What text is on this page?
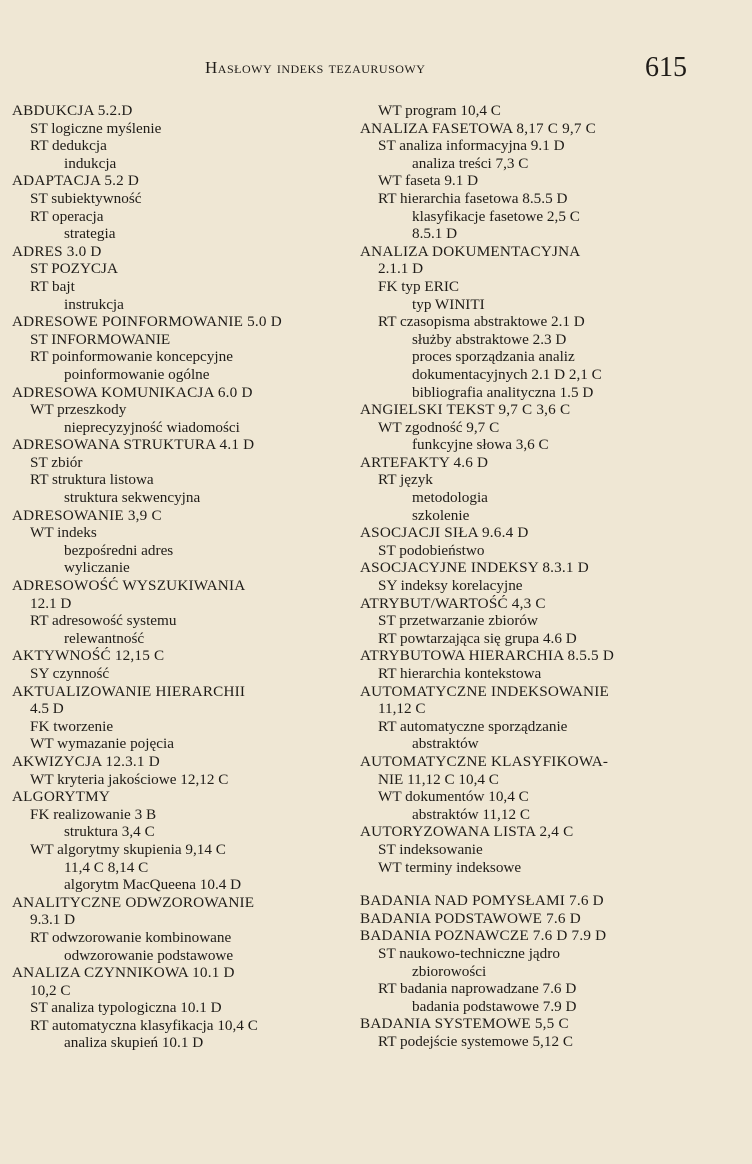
Hasłowy indeks tezaurusowy	615
ABDUKCJA 5.2.D
ST logiczne myślenie
RT dedukcja
indukcja
ADAPTACJA 5.2 D
ST subiektywność
RT operacja
strategia
ADRES 3.0 D
ST POZYCJA
RT bajt
instrukcja
ADRESOWE POINFORMOWANIE 5.0 D
ST INFORMOWANIE
RT poinformowanie koncepcyjne
poinformowanie ogólne
ADRESOWA KOMUNIKACJA 6.0 D
WT przeszkody
nieprecyzyjność wiadomości
ADRESOWANA STRUKTURA 4.1 D
ST zbiór
RT struktura listowa
struktura sekwencyjna
ADRESOWANIE 3,9 C
WT indeks
bezpośredni adres
wyliczanie
ADRESOWOŚĆ WYSZUKIWANIA
12.1 D
RT adresowość systemu
relewantność
AKTYWNOŚĆ 12,15 C
SY czynność
AKTUALIZOWANIE HIERARCHII
4.5 D
FK tworzenie
WT wymazanie pojęcia
AKWIZYCJA 12.3.1 D
WT kryteria jakościowe 12,12 C
ALGORYTMY
FK realizowanie 3 B
struktura 3,4 C
WT algorytmy skupienia 9,14 C
11,4 C 8,14 C
algorytm MacQueena 10.4 D
ANALITYCZNE ODWZOROWANIE
9.3.1 D
RT odwzorowanie kombinowane
odwzorowanie podstawowe
ANALIZA CZYNNIKOWA 10.1 D
10,2 C
ST analiza typologiczna 10.1 D
RT automatyczna klasyfikacja 10,4 C
analiza skupień 10.1 D
WT program 10,4 C
ANALIZA FASETOWA 8,17 C 9,7 C
ST analiza informacyjna 9.1 D
analiza treści 7,3 C
WT faseta 9.1 D
RT hierarchia fasetowa 8.5.5 D
klasyfikacje fasetowe 2,5 C
8.5.1 D
ANALIZA DOKUMENTACYJNA
2.1.1 D
FK typ ERIC
typ WINITI
RT czasopisma abstraktowe 2.1 D
służby abstraktowe 2.3 D
proces sporządzania analiz
dokumentacyjnych 2.1 D 2,1 C
bibliografia analityczna 1.5 D
ANGIELSKI TEKST 9,7 C 3,6 C
WT zgodność 9,7 C
funkcyjne słowa 3,6 C
ARTEFAKTY 4.6 D
RT język
metodologia
szkolenie
ASOCJACJI SIŁA 9.6.4 D
ST podobieństwo
ASOCJACYJNE INDEKSY 8.3.1 D
SY indeksy korelacyjne
ATRYBUT/WARTOŚĆ 4,3 C
ST przetwarzanie zbiorów
RT powtarzająca się grupa 4.6 D
ATRYBUTOWA HIERARCHIA 8.5.5 D
RT hierarchia kontekstowa
AUTOMATYCZNE INDEKSOWANIE
11,12 C
RT automatyczne sporządzanie
abstraktów
AUTOMATYCZNE KLASYFIKOWA-
NIE 11,12 C 10,4 C
WT dokumentów 10,4 C
abstraktów 11,12 C
AUTORYZOWANA LISTA 2,4 C
ST indeksowanie
WT terminy indeksowe
BADANIA NAD POMYSŁAMI 7.6 D
BADANIA PODSTAWOWE 7.6 D
BADANIA POZNAWCZE 7.6 D 7.9 D
ST naukowo-techniczne jądro
zbiorowości
RT badania naprowadzane 7.6 D
badania podstawowe 7.9 D
BADANIA SYSTEMOWE 5,5 C
RT podejście systemowe 5,12 C
